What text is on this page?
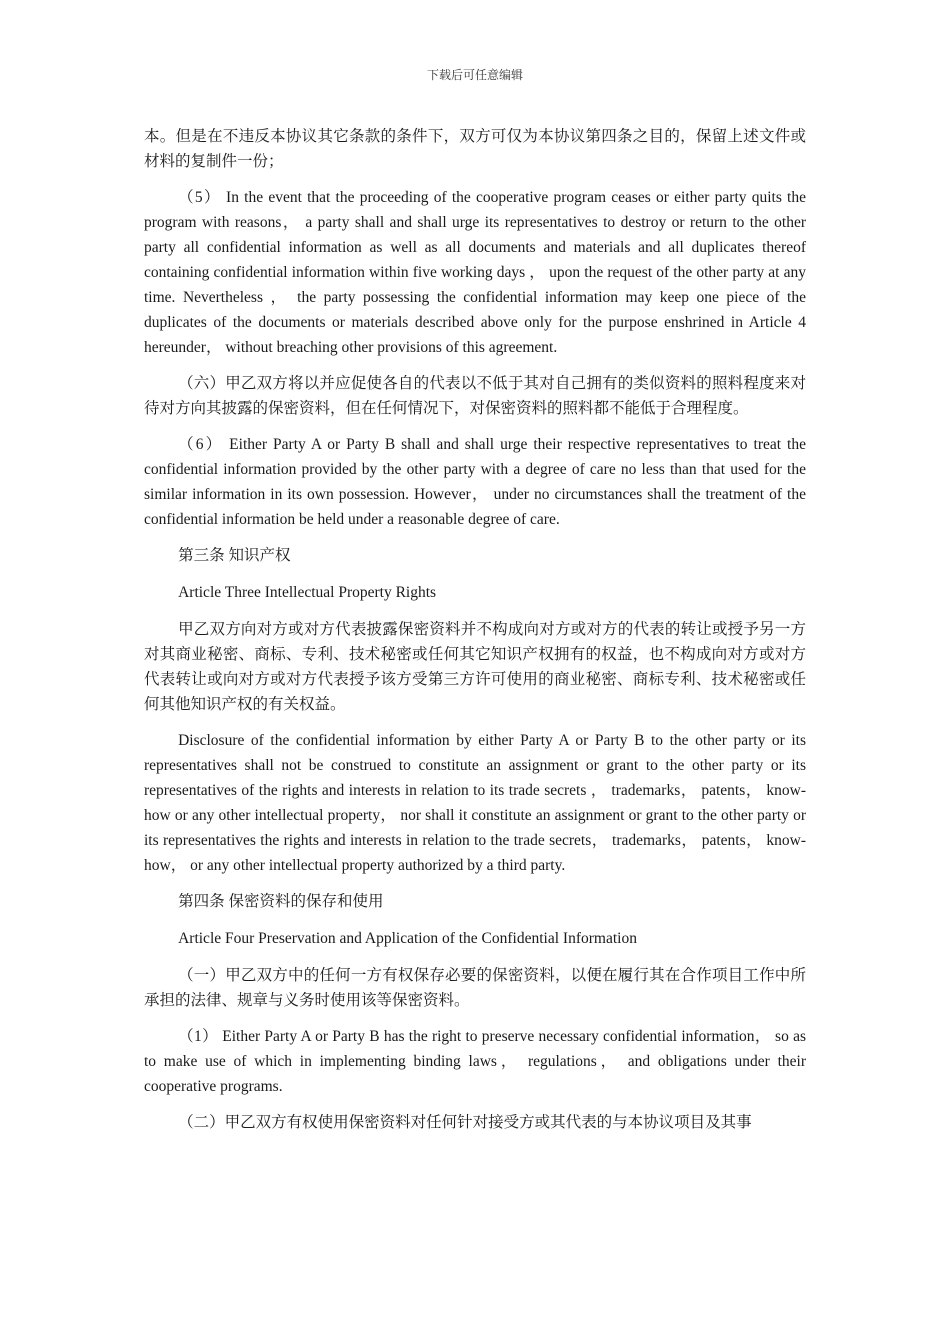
下载后可任意编辑

本。但是在不违反本协议其它条款的条件下，双方可仅为本协议第四条之目的，保留上述文件或材料的复制件一份；

（5） In the event that the proceeding of the cooperative program ceases or either party quits the program with reasons， a party shall and shall urge its representatives to destroy or return to the other party all confidential information as well as all documents and materials and all duplicates thereof containing confidential information within five working days ， upon the request of the other party at any time. Nevertheless ， the party possessing the confidential information may keep one piece of the duplicates of the documents or materials described above only for the purpose enshrined in Article 4 hereunder， without breaching other provisions of this agreement.

（六）甲乙双方将以并应促使各自的代表以不低于其对自己拥有的类似资料的照料程度来对待对方向其披露的保密资料，但在任何情况下，对保密资料的照料都不能低于合理程度。

（6） Either Party A or Party B shall and shall urge their respective representatives to treat the confidential information provided by the other party with a degree of care no less than that used for the similar information in its own possession. However， under no circumstances shall the treatment of the confidential information be held under a reasonable degree of care.

第三条 知识产权

Article Three Intellectual Property Rights

甲乙双方向对方或对方代表披露保密资料并不构成向对方或对方的代表的转让或授予另一方对其商业秘密、商标、专利、技术秘密或任何其它知识产权拥有的权益，也不构成向对方或对方代表转让或向对方或对方代表授予该方受第三方许可使用的商业秘密、商标专利、技术秘密或任何其他知识产权的有关权益。

Disclosure of the confidential information by either Party A or Party B to the other party or its representatives shall not be construed to constitute an assignment or grant to the other party or its representatives of the rights and interests in relation to its trade secrets ， trademarks， patents， know-how or any other intellectual property， nor shall it constitute an assignment or grant to the other party or its representatives the rights and interests in relation to the trade secrets， trademarks， patents， know-how， or any other intellectual property authorized by a third party.

第四条 保密资料的保存和使用

Article Four Preservation and Application of the Confidential Information

（一）甲乙双方中的任何一方有权保存必要的保密资料，以便在履行其在合作项目工作中所承担的法律、规章与义务时使用该等保密资料。

（1） Either Party A or Party B has the right to preserve necessary confidential information， so as to make use of which in implementing binding laws， regulations， and obligations under their cooperative programs.

（二）甲乙双方有权使用保密资料对任何针对接受方或其代表的与本协议项目及其事
